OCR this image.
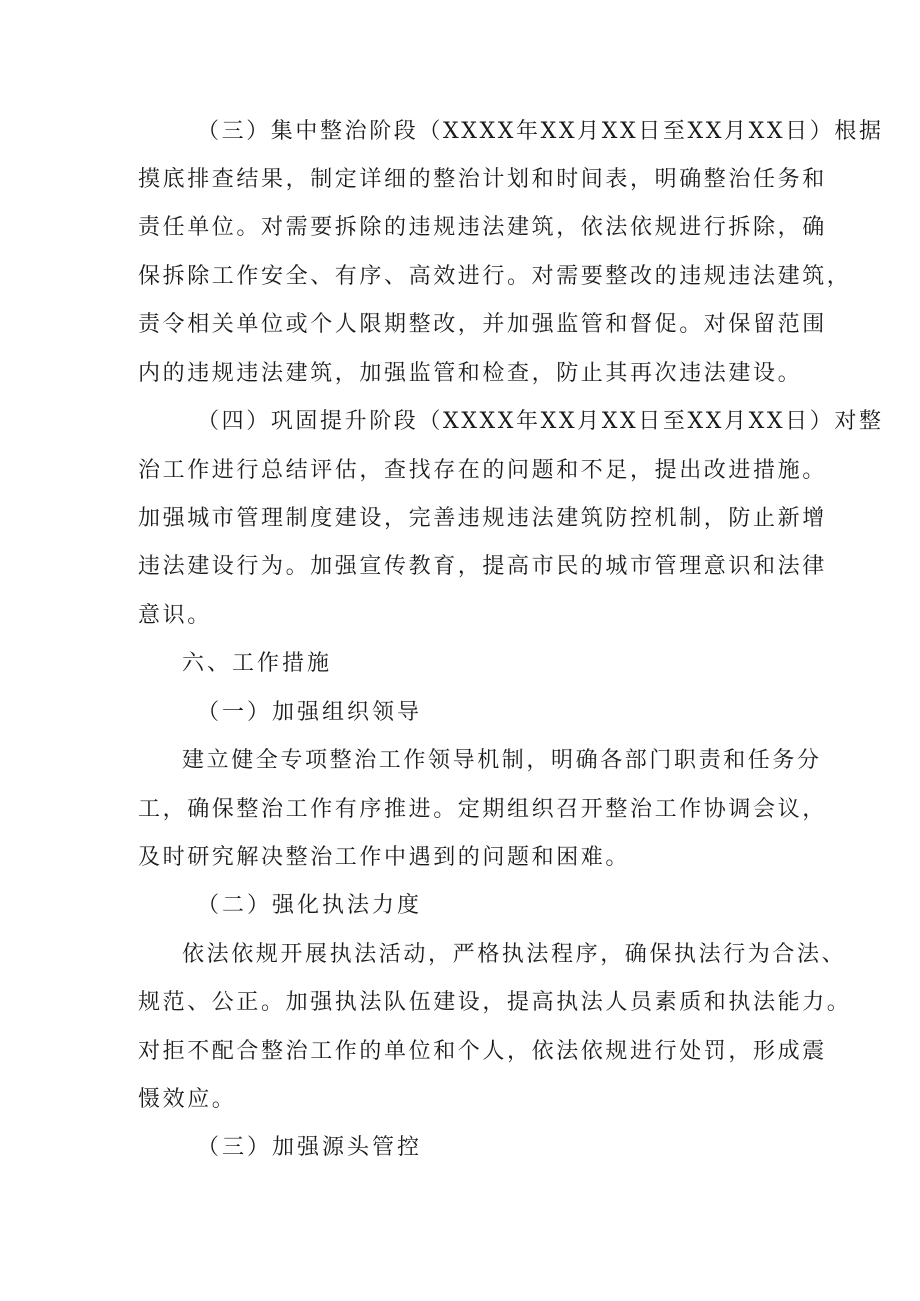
（三）集中整治阶段（XXXX年XX月XX日至XX月XX日）根据
摸底排查结果，制定详细的整治计划和时间表，明确整治任务和
责任单位。对需要拆除的违规违法建筑，依法依规进行拆除，确
保拆除工作安全、有序、高效进行。对需要整改的违规违法建筑，
责令相关单位或个人限期整改，并加强监管和督促。对保留范围
内的违规违法建筑，加强监管和检查，防止其再次违法建设。
（四）巩固提升阶段（XXXX年XX月XX日至XX月XX日）对整
治工作进行总结评估，查找存在的问题和不足，提出改进措施。
加强城市管理制度建设，完善违规违法建筑防控机制，防止新增
违法建设行为。加强宣传教育，提高市民的城市管理意识和法律
意识。
六、工作措施
（一）加强组织领导
建立健全专项整治工作领导机制，明确各部门职责和任务分
工，确保整治工作有序推进。定期组织召开整治工作协调会议，
及时研究解决整治工作中遇到的问题和困难。
（二）强化执法力度
依法依规开展执法活动，严格执法程序，确保执法行为合法、
规范、公正。加强执法队伍建设，提高执法人员素质和执法能力。
对拒不配合整治工作的单位和个人，依法依规进行处罚，形成震
慑效应。
（三）加强源头管控
